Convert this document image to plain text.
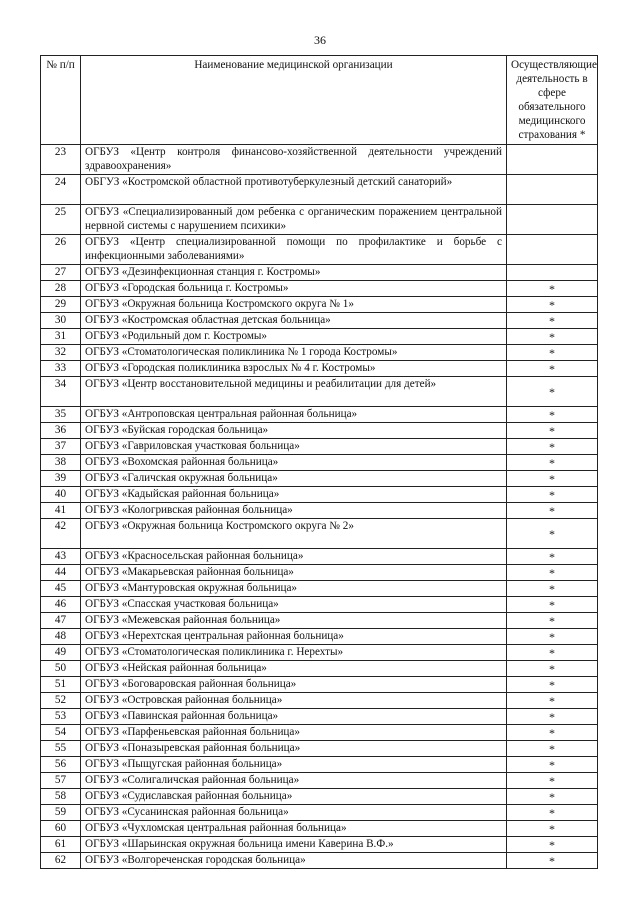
36
№ п/п	Наименование медицинской организации	Осуществляющие деятельность в сфере обязательного медицинского страхования *
23	ОГБУЗ «Центр контроля финансово-хозяйственной деятельности учреждений здравоохранения»	
24	ОБГУЗ «Костромской областной противотуберкулезный детский санаторий»	
25	ОГБУЗ «Специализированный дом ребенка с органическим поражением центральной нервной системы с нарушением психики»	
26	ОГБУЗ «Центр специализированной помощи по профилактике и борьбе с инфекционными заболеваниями»	
27	ОГБУЗ «Дезинфекционная станция г. Костромы»	
28	ОГБУЗ «Городская больница г. Костромы»	*
29	ОГБУЗ «Окружная больница Костромского округа № 1»	*
30	ОГБУЗ «Костромская областная детская больница»	*
31	ОГБУЗ «Родильный дом г. Костромы»	*
32	ОГБУЗ «Стоматологическая поликлиника № 1 города Костромы»	*
33	ОГБУЗ «Городская поликлиника взрослых № 4 г. Костромы»	*
34	ОГБУЗ «Центр восстановительной медицины и реабилитации для детей»	*
35	ОГБУЗ «Антроповская центральная районная больница»	*
36	ОГБУЗ «Буйская городская больница»	*
37	ОГБУЗ «Гавриловская участковая больница»	*
38	ОГБУЗ «Вохомская районная больница»	*
39	ОГБУЗ «Галичская окружная больница»	*
40	ОГБУЗ «Кадыйская районная больница»	*
41	ОГБУЗ «Кологривская районная больница»	*
42	ОГБУЗ «Окружная больница Костромского округа № 2»	*
43	ОГБУЗ «Красносельская районная больница»	*
44	ОГБУЗ «Макарьевская районная больница»	*
45	ОГБУЗ «Мантуровская окружная больница»	*
46	ОГБУЗ «Спасская участковая больница»	*
47	ОГБУЗ «Межевская районная больница»	*
48	ОГБУЗ «Нерехтская центральная районная больница»	*
49	ОГБУЗ «Стоматологическая поликлиника г. Нерехты»	*
50	ОГБУЗ «Нейская районная больница»	*
51	ОГБУЗ «Боговаровская районная больница»	*
52	ОГБУЗ «Островская районная больница»	*
53	ОГБУЗ «Павинская районная больница»	*
54	ОГБУЗ «Парфеньевская районная больница»	*
55	ОГБУЗ «Поназыревская районная больница»	*
56	ОГБУЗ «Пыщугская районная больница»	*
57	ОГБУЗ «Солигаличская районная больница»	*
58	ОГБУЗ «Судиславская районная больница»	*
59	ОГБУЗ «Сусанинская районная больница»	*
60	ОГБУЗ «Чухломская центральная районная больница»	*
61	ОГБУЗ «Шарьинская окружная больница имени Каверина В.Ф.»	*
62	ОГБУЗ «Волгореченская городская больница»	*
